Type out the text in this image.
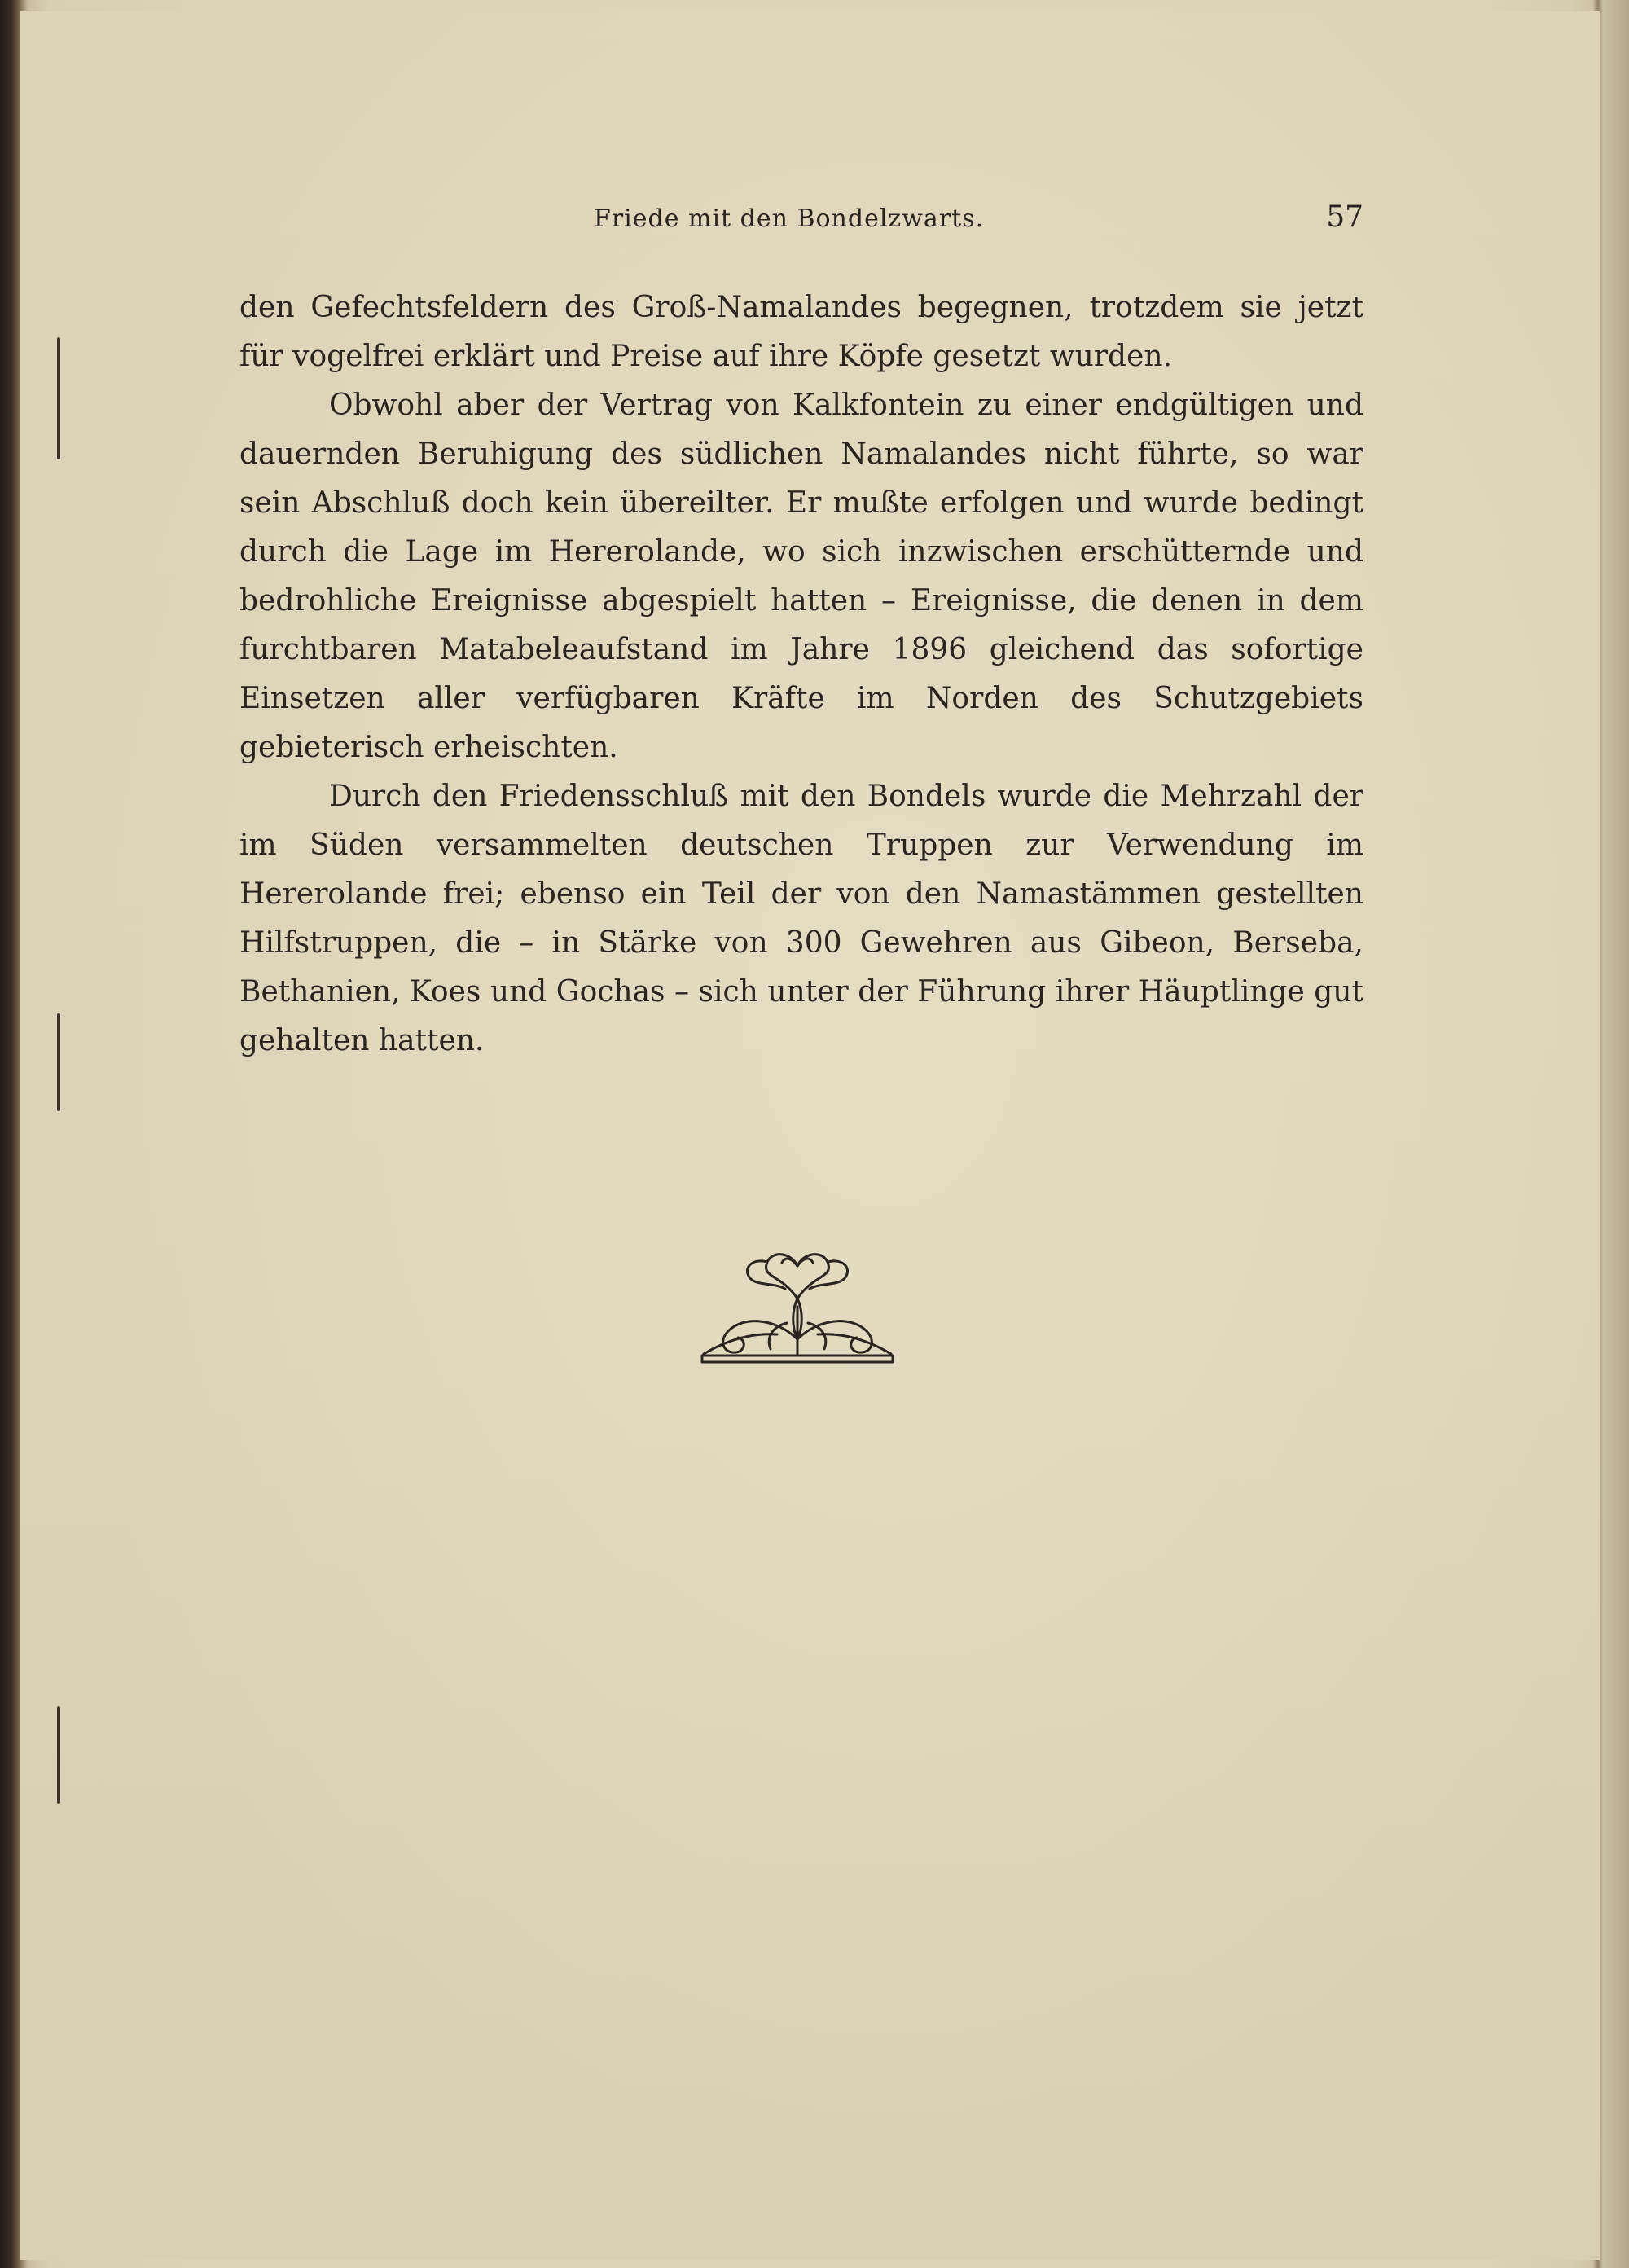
Friede mit den Bondelzwarts.	57

den Gefechtsfeldern des Groß-Namalandes begegnen, trotzdem sie jetzt für vogelfrei erklärt und Preise auf ihre Köpfe gesetzt wurden.

Obwohl aber der Vertrag von Kalkfontein zu einer endgültigen und dauernden Beruhigung des südlichen Namalandes nicht führte, so war sein Abschluß doch kein übereilter. Er mußte erfolgen und wurde bedingt durch die Lage im Hererolande, wo sich inzwischen erschütternde und bedrohliche Ereignisse abgespielt hatten – Ereignisse, die denen in dem furchtbaren Matabeleaufstand im Jahre 1896 gleichend das sofortige Einsetzen aller verfügbaren Kräfte im Norden des Schutzgebiets gebieterisch erheischten.

Durch den Friedensschluß mit den Bondels wurde die Mehrzahl der im Süden versammelten deutschen Truppen zur Verwendung im Hererolande frei; ebenso ein Teil der von den Namastämmen gestellten Hilfstruppen, die – in Stärke von 300 Gewehren aus Gibeon, Berseba, Bethanien, Koes und Gochas – sich unter der Führung ihrer Häuptlinge gut gehalten hatten.
